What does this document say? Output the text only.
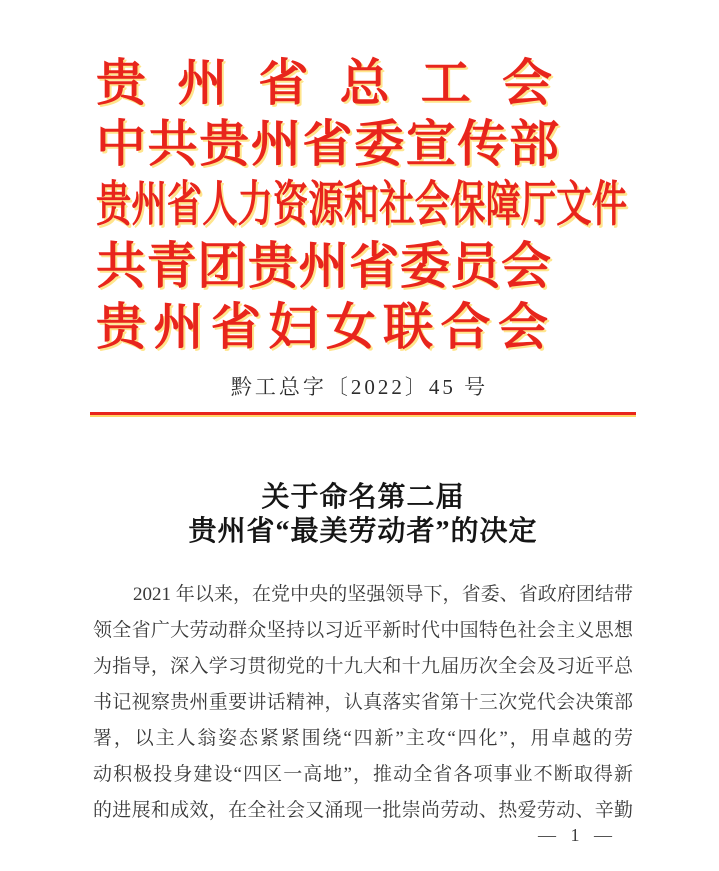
贵 州 省 总 工 会
中 共 贵 州 省 委 宣 传 部
贵 州 省 人 力 资 源 和 社 会 保 障 厅 文 件
共 青 团 贵 州 省 委 员 会
贵 州 省 妇 女 联 合 会
黔工总字〔2022〕45 号
关于命名第二届
贵州省“最美劳动者”的决定
2021 年以来，在党中央的坚强领导下，省委、省政府团结带
领全省广大劳动群众坚持以习近平新时代中国特色社会主义思想
为指导，深入学习贯彻党的十九大和十九届历次全会及习近平总
书记视察贵州重要讲话精神，认真落实省第十三次党代会决策部
署，以主人翁姿态紧紧围绕“四新”主攻“四化”，用卓越的劳
动积极投身建设“四区一高地”，推动全省各项事业不断取得新
的进展和成效，在全社会又涌现一批崇尚劳动、热爱劳动、辛勤
— 1 —
